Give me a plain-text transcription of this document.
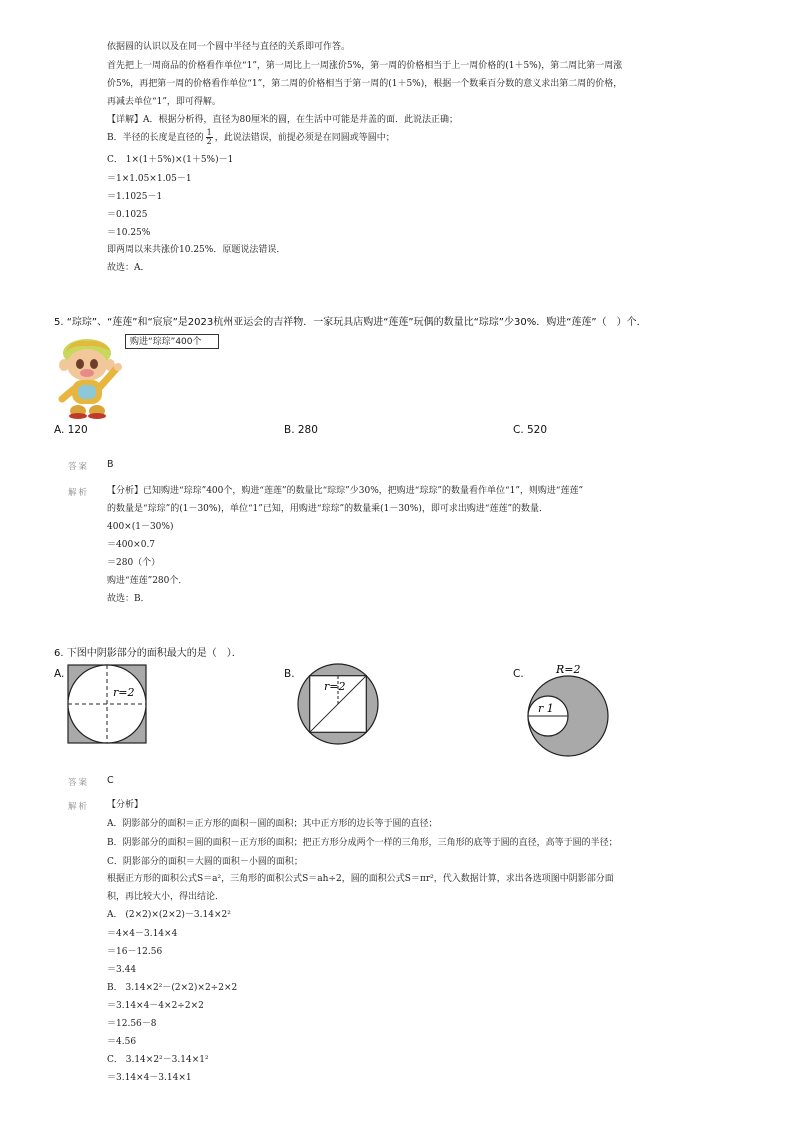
依据圆的认识以及在同一个圆中半径与直径的关系即可作答。
首先把上一周商品的价格看作单位“1”，第一周比上一周涨价5%，第一周的价格相当于上一周价格的(1＋5%)，第二周比第一周涨
价5%，再把第一周的价格看作单位“1”，第二周的价格相当于第一周的(1＋5%)，根据一个数乘百分数的意义求出第二周的价格，
再减去单位“1”，即可得解。
【详解】A．根据分析得，直径为80厘米的圆，在生活中可能是井盖的面．此说法正确；
B．半径的长度是直径的 $\frac{1}{2}$ ，此说法错误，前提必须是在同圆或等圆中；
C． 1×(1＋5%)×(1＋5%)－1
＝1×1.05×1.05－1
＝1.1025－1
＝0.1025
＝10.25%
即两周以来共涨价10.25%．原题说法错误．
故选：A．
5. “琮琮”、“莲莲”和“宸宸”是2023杭州亚运会的吉祥物．一家玩具店购进“莲莲”玩偶的数量比“琮琮”少30%．购进“莲莲”（　）个．
购进“琮琮”400个
A. 120	B. 280	C. 520
答案 B
解析 【分析】已知购进“琮琮”400个，购进“莲莲”的数量比“琮琮”少30%，把购进“琮琮”的数量看作单位“1”，则购进“莲莲”
的数量是“琮琮”的(1－30%)，单位“1”已知，用购进“琮琮”的数量乘(1－30%)，即可求出购进“莲莲”的数量．
400×(1－30%)
＝400×0.7
＝280（个）
购进“莲莲”280个．
故选：B．
6. 下图中阴影部分的面积最大的是（　）．
A.	B.	C.
r=2	r=2
R=2
r 1
答案 C
解析 【分析】
A．阴影部分的面积＝正方形的面积－圆的面积；其中正方形的边长等于圆的直径；
B．阴影部分的面积＝圆的面积－正方形的面积；把正方形分成两个一样的三角形，三角形的底等于圆的直径，高等于圆的半径；
C．阴影部分的面积＝大圆的面积－小圆的面积；
根据正方形的面积公式S＝a²，三角形的面积公式S＝ah÷2，圆的面积公式S＝πr²，代入数据计算，求出各选项图中阴影部分面
积，再比较大小，得出结论．
A． (2×2)×(2×2)－3.14×2²
＝4×4－3.14×4
＝16－12.56
＝3.44
B． 3.14×2²－(2×2)×2÷2×2
＝3.14×4－4×2÷2×2
＝12.56－8
＝4.56
C． 3.14×2²－3.14×1²
＝3.14×4－3.14×1
